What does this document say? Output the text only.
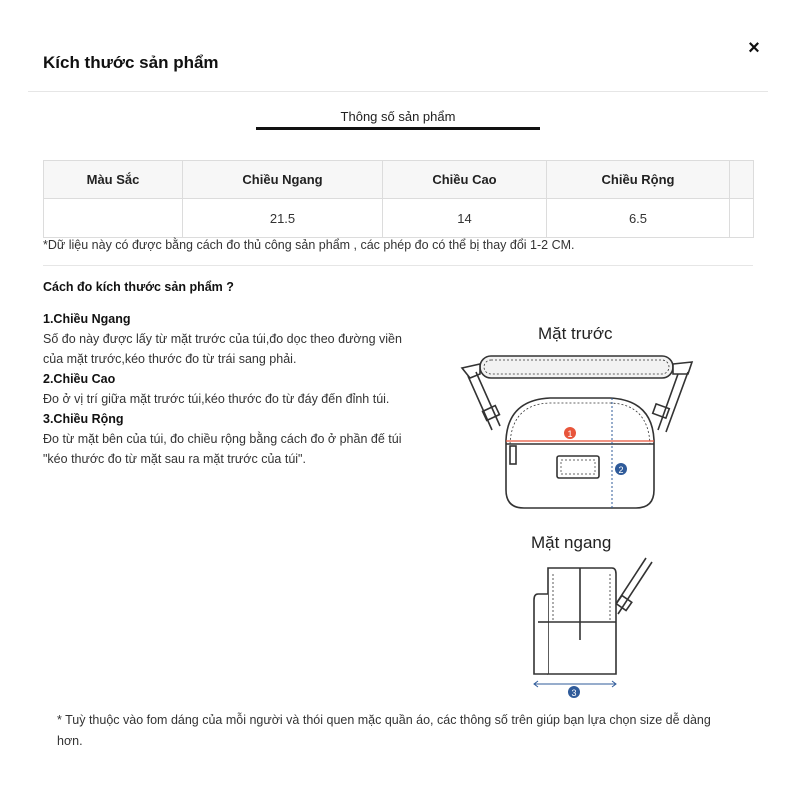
Kích thước sản phẩm
×
Thông số sản phẩm
Màu Sắc	Chiều Ngang	Chiều Cao	Chiều Rộng	
	21.5	14	6.5	
*Dữ liệu này có được bằng cách đo thủ công sản phẩm , các phép đo có thể bị thay đổi 1-2 CM.
Cách đo kích thước sản phẩm ?
1.Chiều Ngang
Số đo này được lấy từ mặt trước của túi,đo dọc theo đường viền của mặt trước,kéo thước đo từ trái sang phải.
2.Chiều Cao
Đo ở vị trí giữa mặt trước túi,kéo thước đo từ đáy đến đỉnh túi.
3.Chiều Rộng
Đo từ mặt bên của túi, đo chiều rộng bằng cách đo ở phần đế túi "kéo thước đo từ mặt sau ra mặt trước của túi".
Mặt trước
Mặt ngang
1
2
3
* Tuỳ thuộc vào fom dáng của mỗi người và thói quen mặc quần áo, các thông số trên giúp bạn lựa chọn size dễ dàng hơn.
